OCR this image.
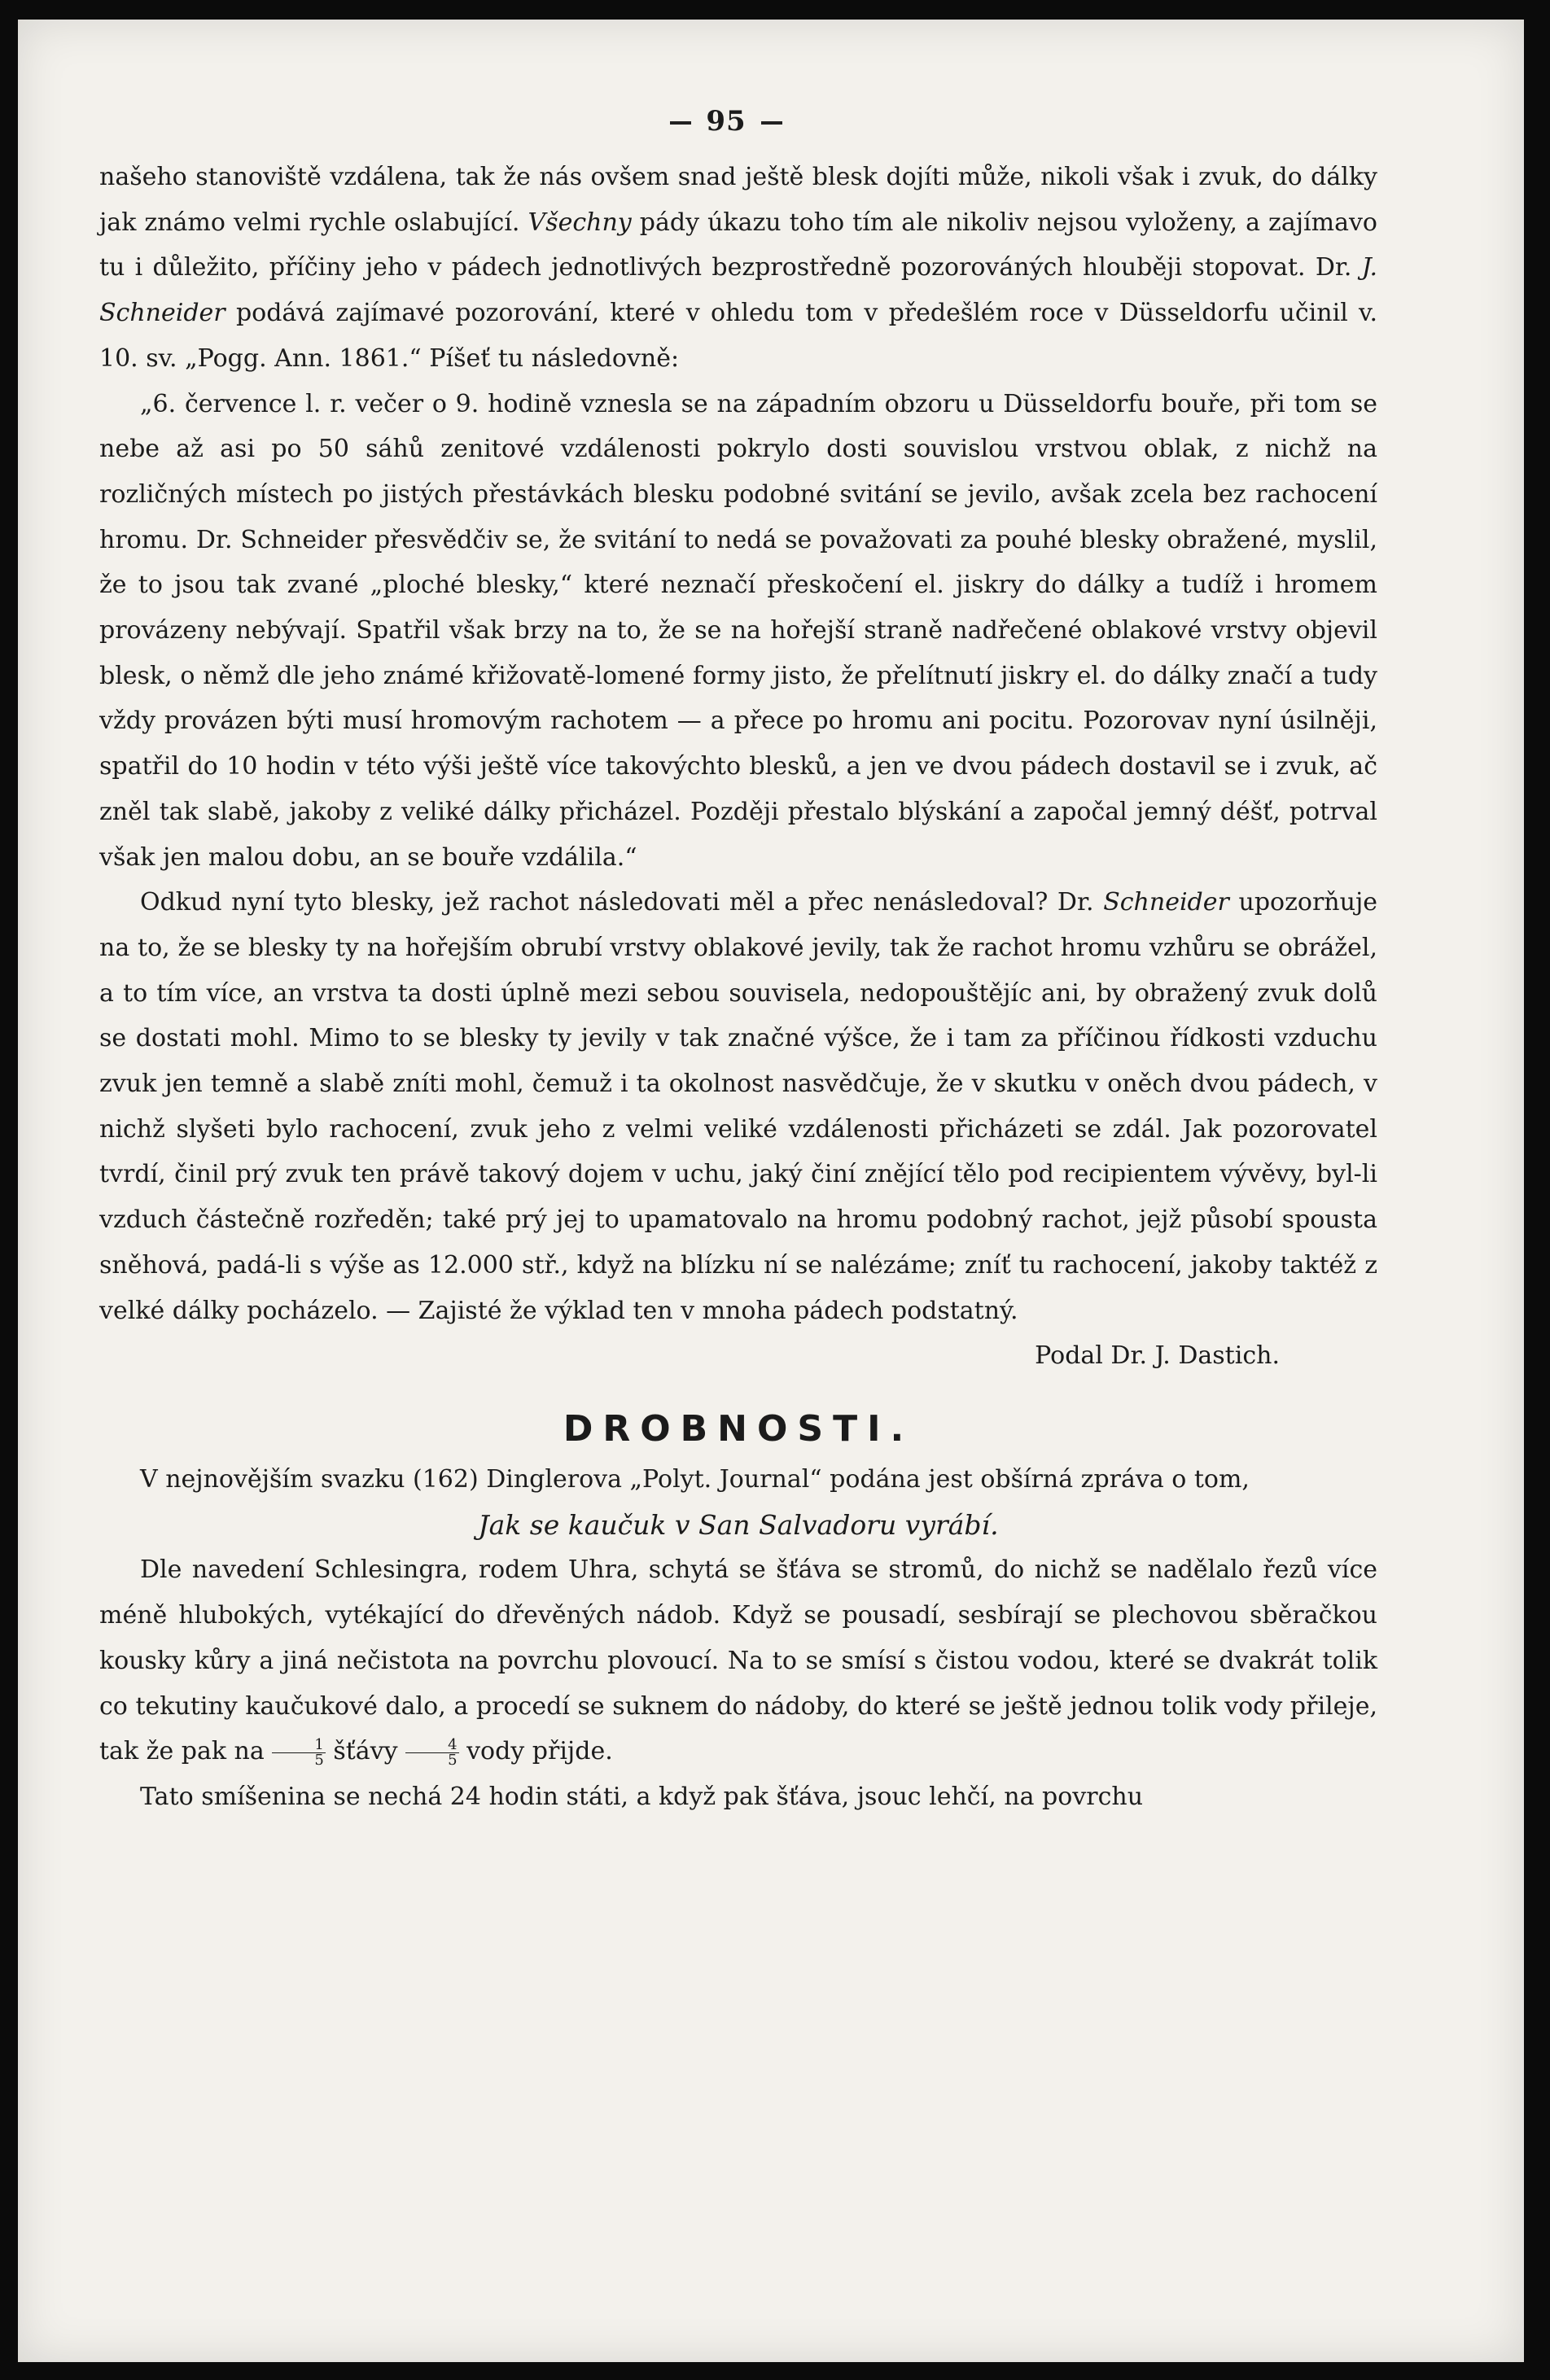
95

našeho stanoviště vzdálena, tak že nás ovšem snad ještě blesk dojíti může, nikoli však i zvuk, do dálky jak známo velmi rychle oslabující. Všechny pády úkazu toho tím ale nikoliv nejsou vyloženy, a zajímavo tu i důležito, příčiny jeho v pádech jednotlivých bezprostředně pozorováných hlouběji stopovat. Dr. J. Schneider podává zajímavé pozorování, které v ohledu tom v předešlém roce v Düsseldorfu učinil v. 10. sv. „Pogg. Ann. 1861.“ Píšeť tu následovně:

„6. července l. r. večer o 9. hodině vznesla se na západním obzoru u Düsseldorfu bouře, při tom se nebe až asi po 50 sáhů zenitové vzdálenosti pokrylo dosti souvislou vrstvou oblak, z nichž na rozličných místech po jistých přestávkách blesku podobné svitání se jevilo, avšak zcela bez rachocení hromu. Dr. Schneider přesvědčiv se, že svitání to nedá se považovati za pouhé blesky obražené, myslil, že to jsou tak zvané „ploché blesky,“ které neznačí přeskočení el. jiskry do dálky a tudíž i hromem provázeny nebývají. Spatřil však brzy na to, že se na hořejší straně nadřečené oblakové vrstvy objevil blesk, o němž dle jeho známé křižovatě-lomené formy jisto, že přelítnutí jiskry el. do dálky značí a tudy vždy provázen býti musí hromovým rachotem — a přece po hromu ani pocitu. Pozorovav nyní úsilněji, spatřil do 10 hodin v této výši ještě více takovýchto blesků, a jen ve dvou pádech dostavil se i zvuk, ač zněl tak slabě, jakoby z veliké dálky přicházel. Později přestalo blýskání a započal jemný déšť, potrval však jen malou dobu, an se bouře vzdálila.“

Odkud nyní tyto blesky, jež rachot následovati měl a přec nenásledoval? Dr. Schneider upozorňuje na to, že se blesky ty na hořejším obrubí vrstvy oblakové jevily, tak že rachot hromu vzhůru se obrážel, a to tím více, an vrstva ta dosti úplně mezi sebou souvisela, nedopouštějíc ani, by obražený zvuk dolů se dostati mohl. Mimo to se blesky ty jevily v tak značné výšce, že i tam za příčinou řídkosti vzduchu zvuk jen temně a slabě zníti mohl, čemuž i ta okolnost nasvědčuje, že v skutku v oněch dvou pádech, v nichž slyšeti bylo rachocení, zvuk jeho z velmi veliké vzdálenosti přicházeti se zdál. Jak pozorovatel tvrdí, činil prý zvuk ten právě takový dojem v uchu, jaký činí znějící tělo pod recipientem vývěvy, byl-li vzduch částečně rozředěn; také prý jej to upamatovalo na hromu podobný rachot, jejž působí spousta sněhová, padá-li s výše as 12.000 stř., když na blízku ní se nalézáme; zníť tu rachocení, jakoby taktéž z velké dálky pocházelo. — Zajisté že výklad ten v mnoha pádech podstatný.

Podal Dr. J. Dastich.

DROBNOSTI.

V nejnovějším svazku (162) Dinglerova „Polyt. Journal“ podána jest obšírná zpráva o tom,

Jak se kaučuk v San Salvadoru vyrábí.

Dle navedení Schlesingra, rodem Uhra, schytá se šťáva se stromů, do nichž se nadělalo řezů více méně hlubokých, vytékající do dřevěných nádob. Když se pousadí, sesbírají se plechovou sběračkou kousky kůry a jiná nečistota na povrchu plovoucí. Na to se smísí s čistou vodou, které se dvakrát tolik co tekutiny kaučukové dalo, a procedí se suknem do nádoby, do které se ještě jednou tolik vody přileje, tak že pak na $\frac{1}{5}$ šťávy $\frac{4}{5}$ vody přijde.

Tato smíšenina se nechá 24 hodin státi, a když pak šťáva, jsouc lehčí, na povrchu
